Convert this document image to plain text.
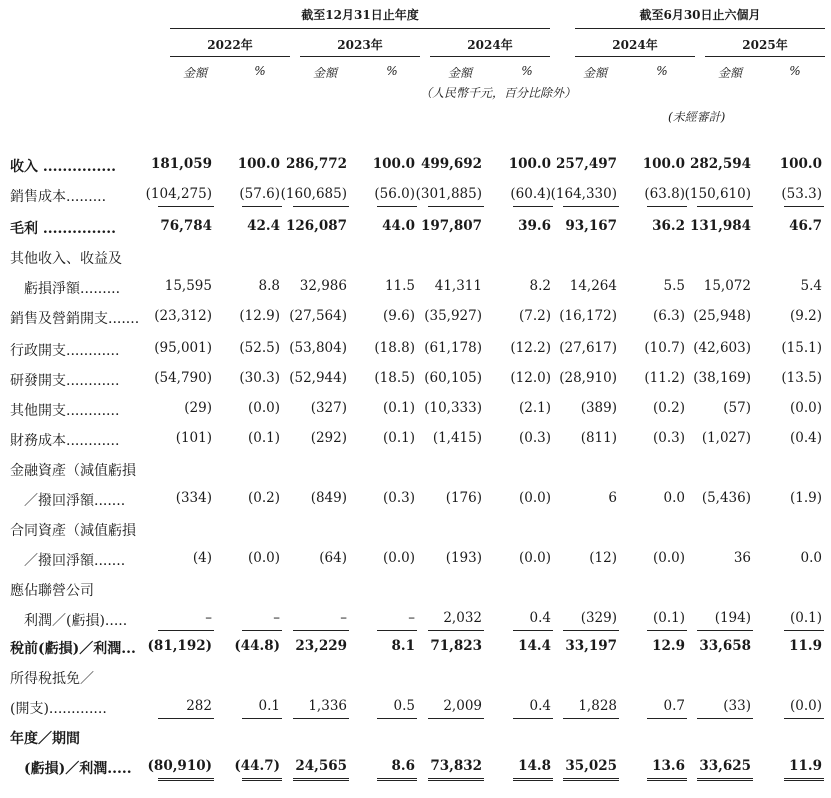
截至12月31日止年度	截至6月30日止六個月
2022年	2023年	2024年	2024年	2025年
金額	%	金額	%	金額	%	金額	%	金額	%
（人民幣千元，百分比除外）
(未經審計)
收入 ...............	181,059	100.0 286,772	100.0 499,692	100.0 257,497	100.0 282,594	100.0
銷售成本.........	(104,275)	(57.6) (160,685)	(56.0) (301,885)	(60.4) (164,330)	(63.8) (150,610)	(53.3)
毛利 ...............	76,784	42.4 126,087	44.0 197,807	39.6	93,167	36.2 131,984	46.7
其他收入、收益及
　虧損淨額.........	15,595	8.8	32,986	11.5	41,311	8.2	14,264	5.5	15,072	5.4
銷售及營銷開支.......	(23,312)	(12.9) (27,564)	(9.6) (35,927)	(7.2) (16,172)	(6.3) (25,948)	(9.2)
行政開支............	(95,001)	(52.5) (53,804)	(18.8) (61,178)	(12.2) (27,617)	(10.7) (42,603)	(15.1)
研發開支............	(54,790)	(30.3) (52,944)	(18.5) (60,105)	(12.0) (28,910)	(11.2) (38,169)	(13.5)
其他開支............	(29)	(0.0)	(327)	(0.1) (10,333)	(2.1)	(389)	(0.2)	(57)	(0.0)
財務成本............	(101)	(0.1)	(292)	(0.1)	(1,415)	(0.3)	(811)	(0.3)	(1,027)	(0.4)
金融資產（減值虧損
　／撥回淨額.......	(334)	(0.2)	(849)	(0.3)	(176)	(0.0)	6	0.0	(5,436)	(1.9)
合同資產（減值虧損
　／撥回淨額.......	(4)	(0.0)	(64)	(0.0)	(193)	(0.0)	(12)	(0.0)	36	0.0
應佔聯營公司
　利潤／(虧損).....	–	–	–	–	2,032	0.4	(329)	(0.1)	(194)	(0.1)
稅前(虧損)／利潤... (81,192)	(44.8)	23,229	8.1	71,823	14.4	33,197	12.9	33,658	11.9
所得稅抵免／
(開支).............	282	0.1	1,336	0.5	2,009	0.4	1,828	0.7	(33)	(0.0)
年度／期間
　(虧損)／利潤.....	(80,910)	(44.7)	24,565	8.6	73,832	14.8	35,025	13.6	33,625	11.9
